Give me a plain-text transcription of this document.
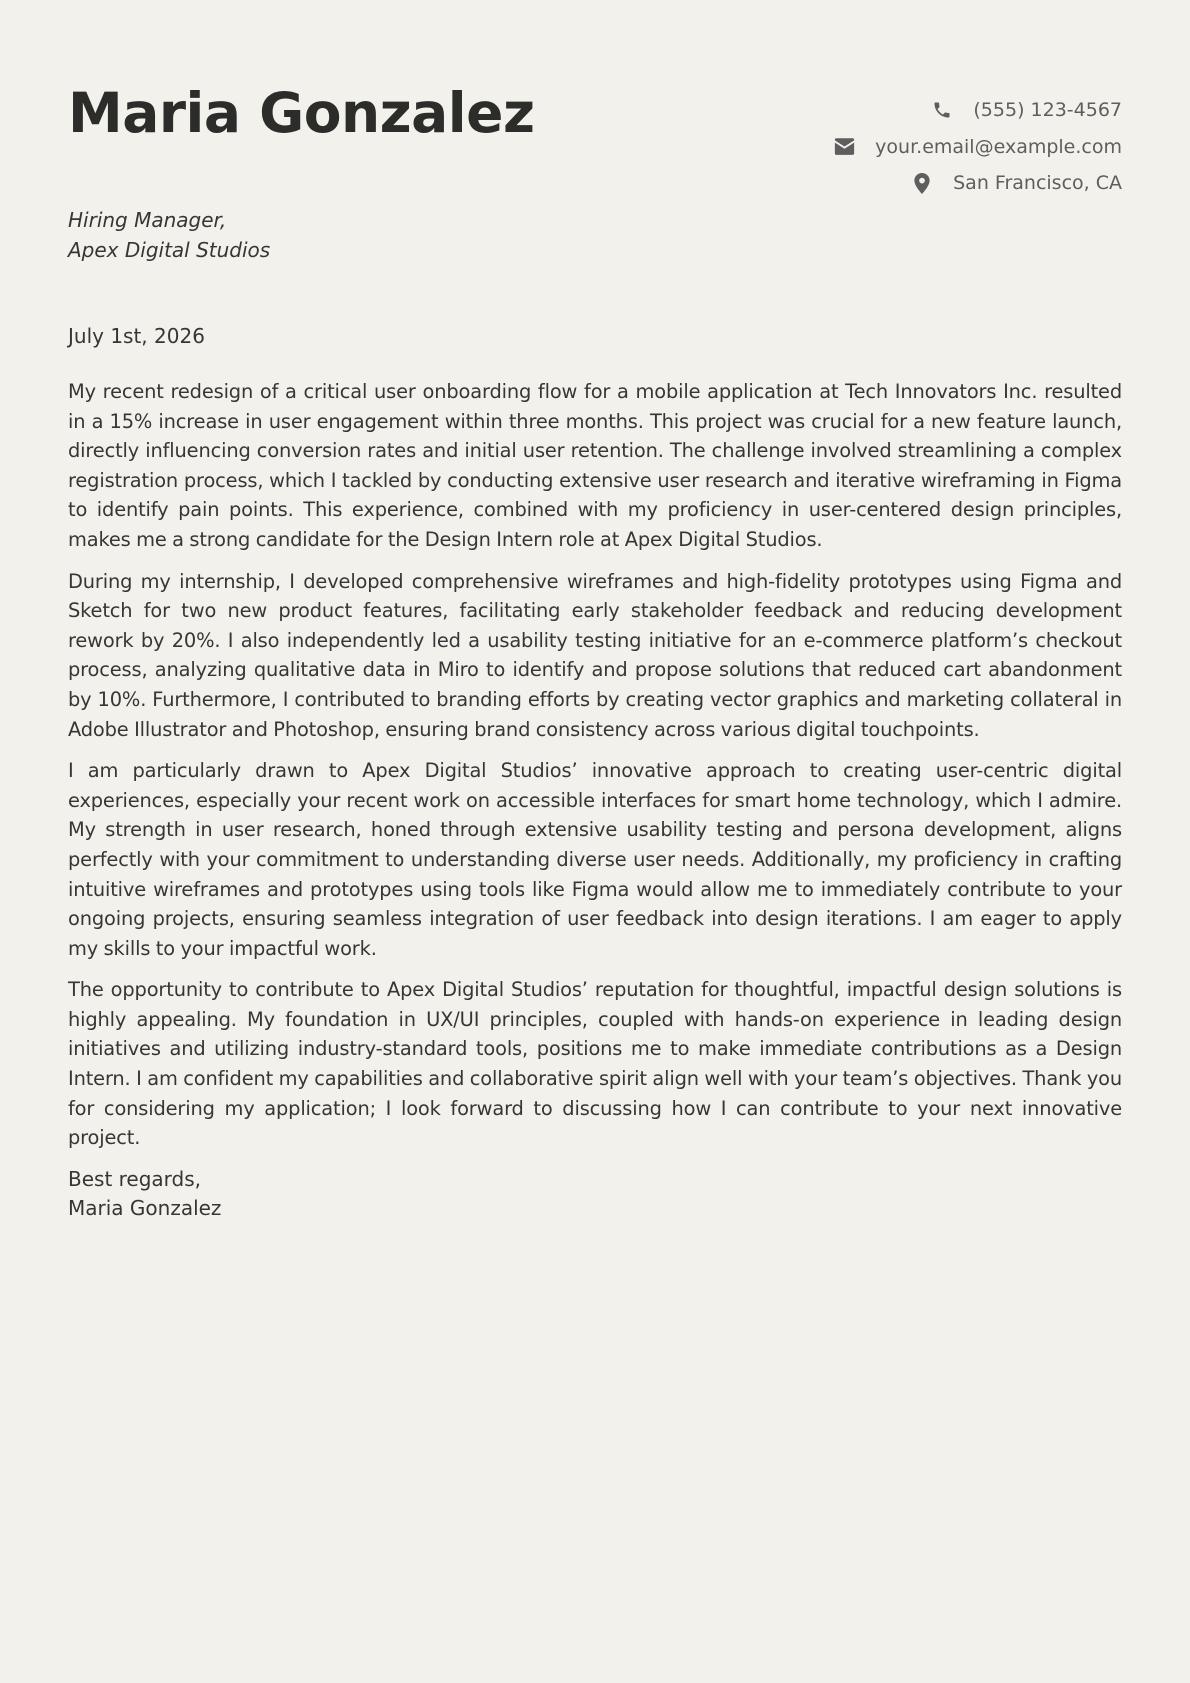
Maria Gonzalez	(555) 123-4567
your.email@example.com
San Francisco, CA
Hiring Manager,
Apex Digital Studios
July 1st, 2026

My recent redesign of a critical user onboarding flow for a mobile application at Tech Innovators Inc. resulted in a 15% increase in user engagement within three months. This project was crucial for a new feature launch, directly influencing conversion rates and initial user retention. The challenge involved streamlining a complex registration process, which I tackled by conducting extensive user research and iterative wireframing in Figma to identify pain points. This experience, combined with my proficiency in user-centered design principles, makes me a strong candidate for the Design Intern role at Apex Digital Studios.

During my internship, I developed comprehensive wireframes and high-fidelity prototypes using Figma and Sketch for two new product features, facilitating early stakeholder feedback and reducing development rework by 20%. I also independently led a usability testing initiative for an e-commerce platform’s checkout process, analyzing qualitative data in Miro to identify and propose solutions that reduced cart abandonment by 10%. Furthermore, I contributed to branding efforts by creating vector graphics and marketing collateral in Adobe Illustrator and Photoshop, ensuring brand consistency across various digital touchpoints.

I am particularly drawn to Apex Digital Studios’ innovative approach to creating user-centric digital experiences, especially your recent work on accessible interfaces for smart home technology, which I admire. My strength in user research, honed through extensive usability testing and persona development, aligns perfectly with your commitment to understanding diverse user needs. Additionally, my proficiency in crafting intuitive wireframes and prototypes using tools like Figma would allow me to immediately contribute to your ongoing projects, ensuring seamless integration of user feedback into design iterations. I am eager to apply my skills to your impactful work.

The opportunity to contribute to Apex Digital Studios’ reputation for thoughtful, impactful design solutions is highly appealing. My foundation in UX/UI principles, coupled with hands-on experience in leading design initiatives and utilizing industry-standard tools, positions me to make immediate contributions as a Design Intern. I am confident my capabilities and collaborative spirit align well with your team’s objectives. Thank you for considering my application; I look forward to discussing how I can contribute to your next innovative project.

Best regards,
Maria Gonzalez
